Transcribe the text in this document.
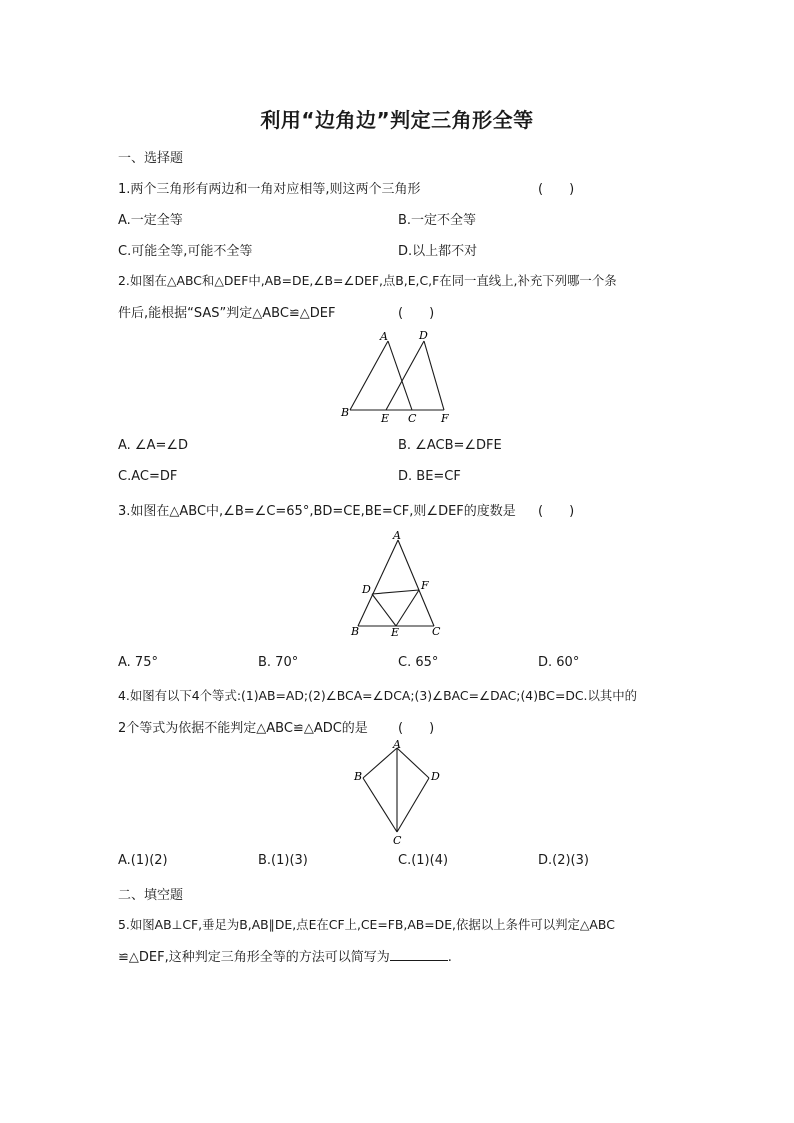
利用“边角边”判定三角形全等
一、选择题
1.两个三角形有两边和一角对应相等,则这两个三角形	(　　)
A.一定全等	B.一定不全等
C.可能全等,可能不全等	D.以上都不对
2.如图在△ABC和△DEF中,AB=DE,∠B=∠DEF,点B,E,C,F在同一直线上,补充下列哪一个条
件后,能根据“SAS”判定△ABC≌△DEF	(　　)
A	D
B	E C F
A. ∠A=∠D	B. ∠ACB=∠DFE
C.AC=DF	D. BE=CF
3.如图在△ABC中,∠B=∠C=65°,BD=CE,BE=CF,则∠DEF的度数是 (　　)
A
D	F
B	E	C
A. 75°	B. 70°	C. 65°	D. 60°
4.如图有以下4个等式:(1)AB=AD;(2)∠BCA=∠DCA;(3)∠BAC=∠DAC;(4)BC=DC.以其中的
2个等式为依据不能判定△ABC≌△ADC的是 (　　)
A
B	D
C
A.(1)(2)	B.(1)(3)	C.(1)(4)	D.(2)(3)
二、填空题
5.如图AB⊥CF,垂足为B,AB∥DE,点E在CF上,CE=FB,AB=DE,依据以上条件可以判定△ABC
≌△DEF,这种判定三角形全等的方法可以简写为	.
